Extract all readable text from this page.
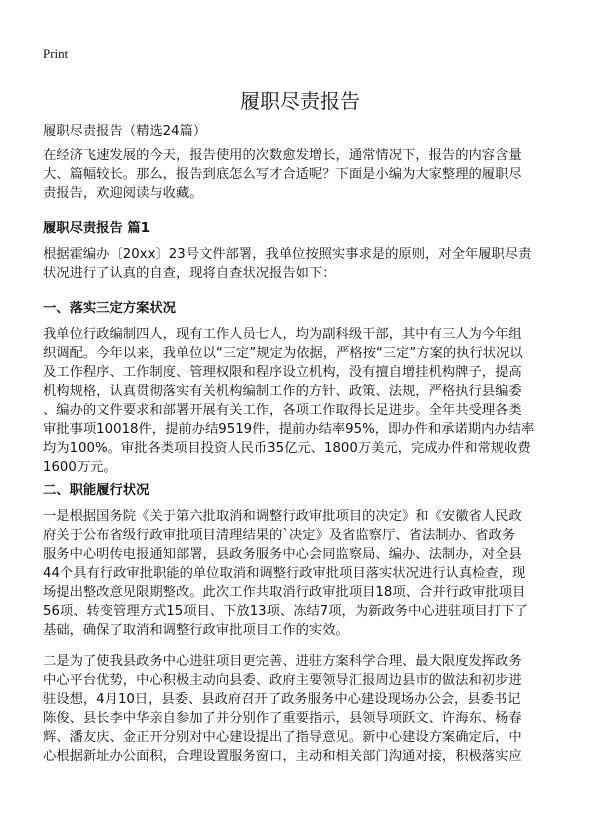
Print
履职尽责报告
履职尽责报告（精选24篇）
在经济飞速发展的今天，报告使用的次数愈发增长，通常情况下，报告的内容含量
大、篇幅较长。那么，报告到底怎么写才合适呢？下面是小编为大家整理的履职尽
责报告，欢迎阅读与收藏。
履职尽责报告 篇1
根据霍编办〔20xx〕23号文件部署，我单位按照实事求是的原则，对全年履职尽责
状况进行了认真的自查，现将自查状况报告如下：
一、落实三定方案状况
我单位行政编制四人，现有工作人员七人，均为副科级干部，其中有三人为今年组
织调配。今年以来，我单位以“三定”规定为依据，严格按“三定”方案的执行状况以
及工作程序、工作制度、管理权限和程序设立机构，没有擅自增挂机构牌子，提高
机构规格，认真贯彻落实有关机构编制工作的方针、政策、法规，严格执行县编委
、编办的文件要求和部署开展有关工作，各项工作取得长足进步。全年共受理各类
审批事项10018件，提前办结9519件，提前办结率95%，即办件和承诺期内办结率
均为100%。审批各类项目投资人民币35亿元、1800万美元，完成办件和常规收费
1600万元。
二、职能履行状况
一是根据国务院《关于第六批取消和调整行政审批项目的决定》和《安徽省人民政
府关于公布省级行政审批项目清理结果的`决定》及省监察厅、省法制办、省政务
服务中心明传电报通知部署，县政务服务中心会同监察局、编办、法制办，对全县
44个具有行政审批职能的单位取消和调整行政审批项目落实状况进行认真检查，现
场提出整改意见限期整改。此次工作共取消行政审批项目18项、合并行政审批项目
56项、转变管理方式15项目、下放13项、冻结7项，为新政务中心进驻项目打下了
基础，确保了取消和调整行政审批项目工作的实效。
二是为了使我县政务中心进驻项目更完善、进驻方案科学合理、最大限度发挥政务
中心平台优势，中心积极主动向县委、政府主要领导汇报周边县市的做法和初步进
驻设想，4月10日，县委、县政府召开了政务服务中心建设现场办公会，县委书记
陈俊、县长李中华亲自参加了并分别作了重要指示，县领导项跃文、许海东、杨春
辉、潘友庆、金正开分别对中心建设提出了指导意见。新中心建设方案确定后，中
心根据新址办公面积，合理设置服务窗口，主动和相关部门沟通对接，积极落实应
